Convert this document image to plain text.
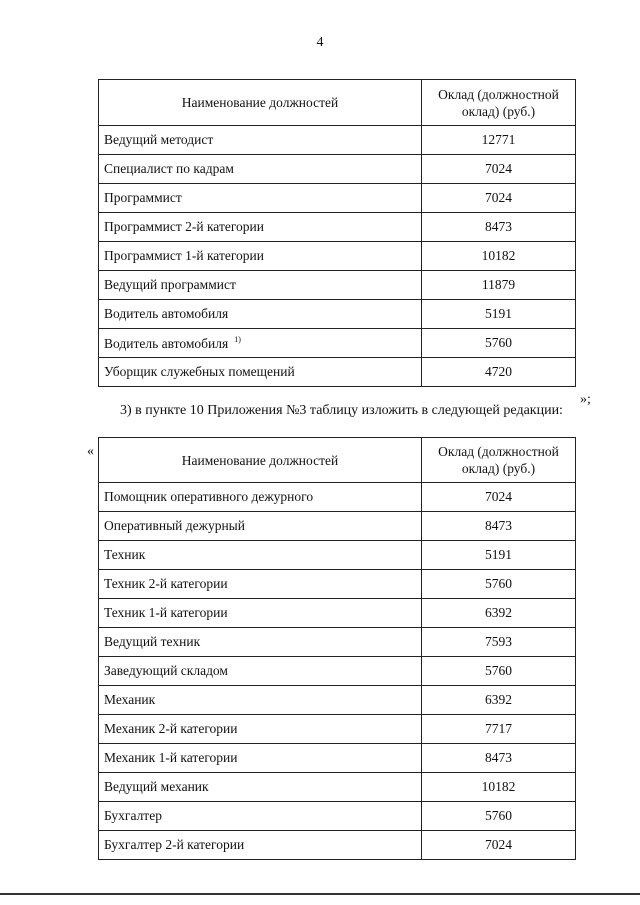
4
Наименование должностей	Оклад (должностной оклад) (руб.)
Ведущий методист	12771
Специалист по кадрам	7024
Программист	7024
Программист 2-й категории	8473
Программист 1-й категории	10182
Ведущий программист	11879
Водитель автомобиля	5191
Водитель автомобиля $^{1)}$	5760
Уборщик служебных помещений	4720
»;
3) в пункте 10 Приложения №3 таблицу изложить в следующей редакции:
«
Наименование должностей	Оклад (должностной оклад) (руб.)
Помощник оперативного дежурного	7024
Оперативный дежурный	8473
Техник	5191
Техник 2-й категории	5760
Техник 1-й категории	6392
Ведущий техник	7593
Заведующий складом	5760
Механик	6392
Механик 2-й категории	7717
Механик 1-й категории	8473
Ведущий механик	10182
Бухгалтер	5760
Бухгалтер 2-й категории	7024
